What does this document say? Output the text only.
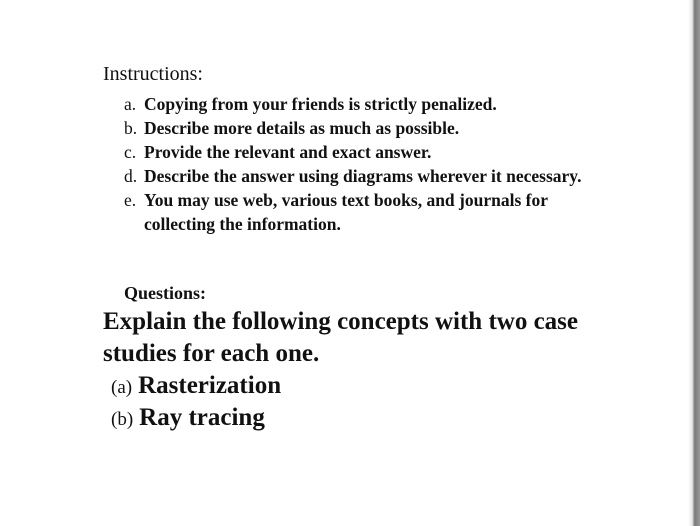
Instructions:
a. Copying from your friends is strictly penalized.
b. Describe more details as much as possible.
c. Provide the relevant and exact answer.
d. Describe the answer using diagrams wherever it necessary.
e. You may use web, various text books, and journals for collecting the information.
Questions:
Explain the following concepts with two case studies for each one.
(a) Rasterization
(b) Ray tracing
